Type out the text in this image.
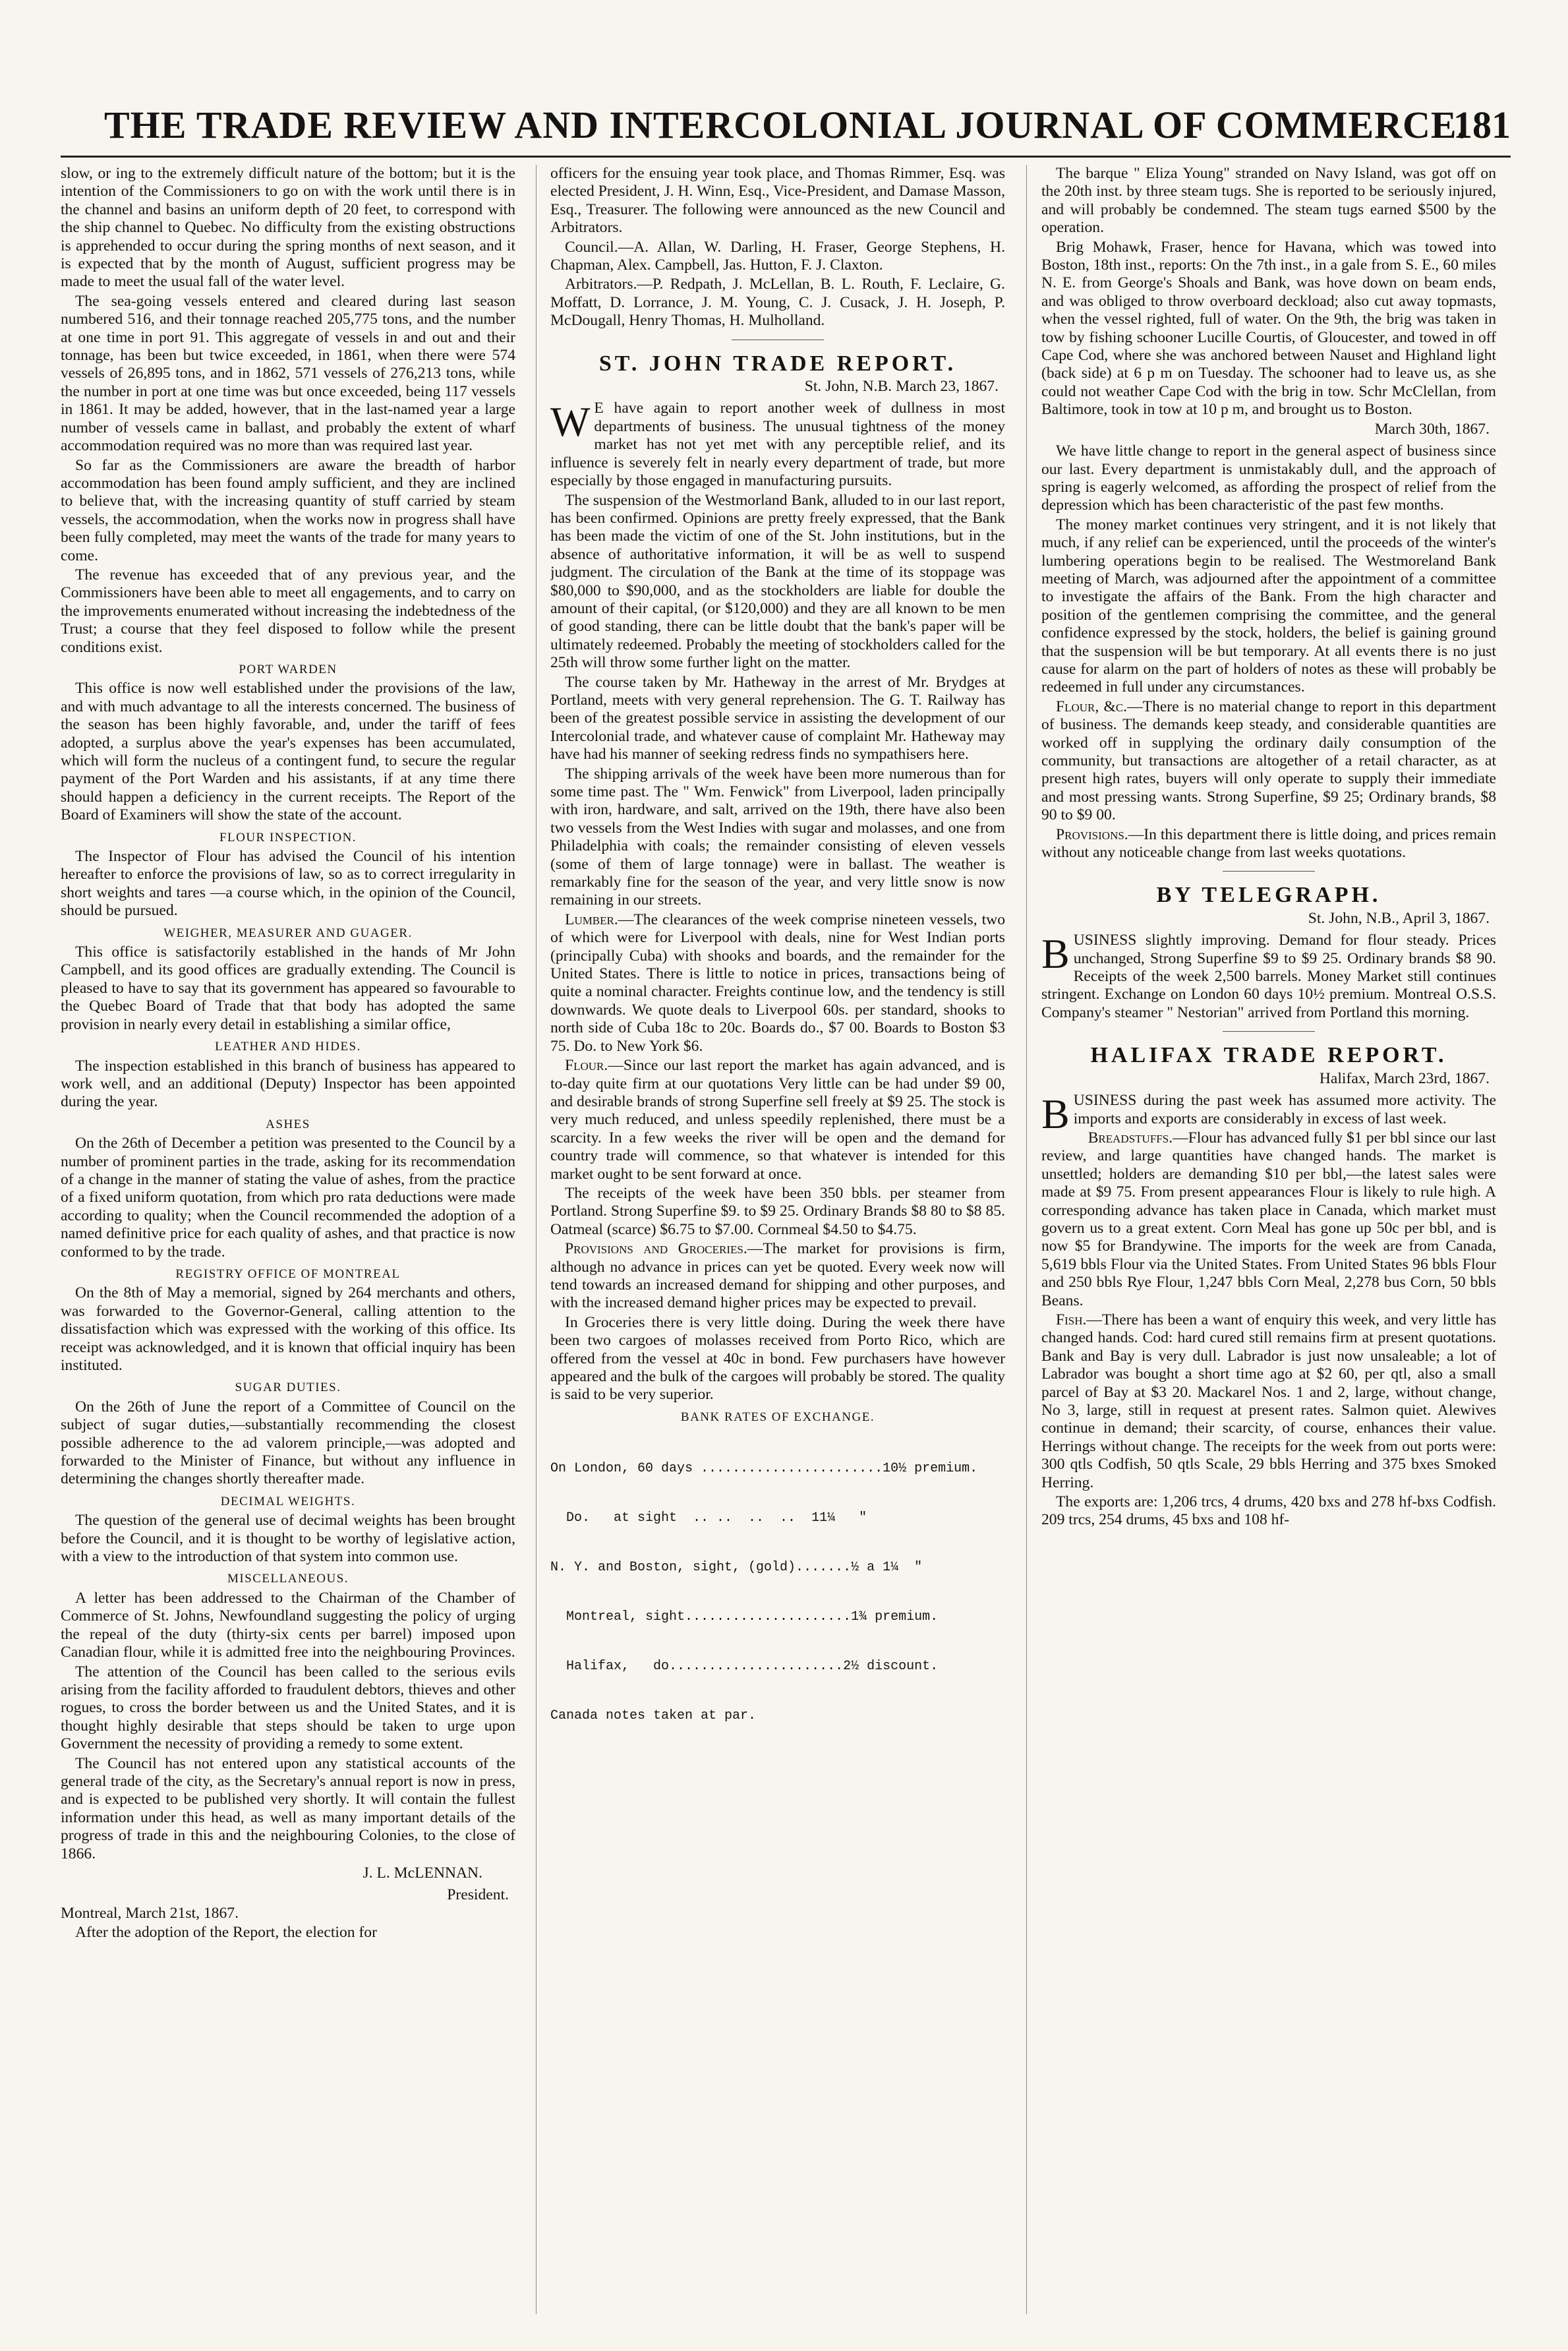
THE TRADE REVIEW AND INTERCOLONIAL JOURNAL OF COMMERCE.
181

slow, or ing to the extremely difficult nature of the bottom; but it is the intention of the Commissioners to go on with the work until there is in the channel and basins an uniform depth of 20 feet, to correspond with the ship channel to Quebec. No difficulty from the existing obstructions is apprehended to occur during the spring months of next season, and it is expected that by the month of August, sufficient progress may be made to meet the usual fall of the water level.

The sea-going vessels entered and cleared during last season numbered 516, and their tonnage reached 205,775 tons, and the number at one time in port 91. This aggregate of vessels in and out and their tonnage, has been but twice exceeded, in 1861, when there were 574 vessels of 26,895 tons, and in 1862, 571 vessels of 276,213 tons, while the number in port at one time was but once exceeded, being 117 vessels in 1861. It may be added, however, that in the last-named year a large number of vessels came in ballast, and probably the extent of wharf accommodation required was no more than was required last year.

So far as the Commissioners are aware the breadth of harbor accommodation has been found amply sufficient, and they are inclined to believe that, with the increasing quantity of stuff carried by steam vessels, the accommodation, when the works now in progress shall have been fully completed, may meet the wants of the trade for many years to come.

The revenue has exceeded that of any previous year, and the Commissioners have been able to meet all engagements, and to carry on the improvements enumerated without increasing the indebtedness of the Trust; a course that they feel disposed to follow while the present conditions exist.

PORT WARDEN

This office is now well established under the provisions of the law, and with much advantage to all the interests concerned. The business of the season has been highly favorable, and, under the tariff of fees adopted, a surplus above the year's expenses has been accumulated, which will form the nucleus of a contingent fund, to secure the regular payment of the Port Warden and his assistants, if at any time there should happen a deficiency in the current receipts. The Report of the Board of Examiners will show the state of the account.

FLOUR INSPECTION.

The Inspector of Flour has advised the Council of his intention hereafter to enforce the provisions of law, so as to correct irregularity in short weights and tares —a course which, in the opinion of the Council, should be pursued.

WEIGHER, MEASURER AND GUAGER.

This office is satisfactorily established in the hands of Mr John Campbell, and its good offices are gradually extending. The Council is pleased to have to say that its government has appeared so favourable to the Quebec Board of Trade that that body has adopted the same provision in nearly every detail in establishing a similar office,

LEATHER AND HIDES.

The inspection established in this branch of business has appeared to work well, and an additional (Deputy) Inspector has been appointed during the year.

ASHES

On the 26th of December a petition was presented to the Council by a number of prominent parties in the trade, asking for its recommendation of a change in the manner of stating the value of ashes, from the practice of a fixed uniform quotation, from which pro rata deductions were made according to quality; when the Council recommended the adoption of a named definitive price for each quality of ashes, and that practice is now conformed to by the trade.

REGISTRY OFFICE OF MONTREAL

On the 8th of May a memorial, signed by 264 merchants and others, was forwarded to the Governor-General, calling attention to the dissatisfaction which was expressed with the working of this office. Its receipt was acknowledged, and it is known that official inquiry has been instituted.

SUGAR DUTIES.

On the 26th of June the report of a Committee of Council on the subject of sugar duties,—substantially recommending the closest possible adherence to the ad valorem principle,—was adopted and forwarded to the Minister of Finance, but without any influence in determining the changes shortly thereafter made.

DECIMAL WEIGHTS.

The question of the general use of decimal weights has been brought before the Council, and it is thought to be worthy of legislative action, with a view to the introduction of that system into common use.

MISCELLANEOUS.

A letter has been addressed to the Chairman of the Chamber of Commerce of St. Johns, Newfoundland suggesting the policy of urging the repeal of the duty (thirty-six cents per barrel) imposed upon Canadian flour, while it is admitted free into the neighbouring Provinces.

The attention of the Council has been called to the serious evils arising from the facility afforded to fraudulent debtors, thieves and other rogues, to cross the border between us and the United States, and it is thought highly desirable that steps should be taken to urge upon Government the necessity of providing a remedy to some extent.

The Council has not entered upon any statistical accounts of the general trade of the city, as the Secretary's annual report is now in press, and is expected to be published very shortly. It will contain the fullest information under this head, as well as many important details of the progress of trade in this and the neighbouring Colonies, to the close of 1866.

J. L. McLENNAN.
President.

Montreal, March 21st, 1867.

After the adoption of the Report, the election for

officers for the ensuing year took place, and Thomas Rimmer, Esq. was elected President, J. H. Winn, Esq., Vice-President, and Damase Masson, Esq., Treasurer. The following were announced as the new Council and Arbitrators.

Council.—A. Allan, W. Darling, H. Fraser, George Stephens, H. Chapman, Alex. Campbell, Jas. Hutton, F. J. Claxton.

Arbitrators.—P. Redpath, J. McLellan, B. L. Routh, F. Leclaire, G. Moffatt, D. Lorrance, J. M. Young, C. J. Cusack, J. H. Joseph, P. McDougall, Henry Thomas, H. Mulholland.

ST. JOHN TRADE REPORT.

St. John, N.B. March 23, 1867.

W E have again to report another week of dullness in most departments of business. The unusual tightness of the money market has not yet met with any perceptible relief, and its influence is severely felt in nearly every department of trade, but more especially by those engaged in manufacturing pursuits.

The suspension of the Westmorland Bank, alluded to in our last report, has been confirmed. Opinions are pretty freely expressed, that the Bank has been made the victim of one of the St. John institutions, but in the absence of authoritative information, it will be as well to suspend judgment. The circulation of the Bank at the time of its stoppage was $80,000 to $90,000, and as the stockholders are liable for double the amount of their capital, (or $120,000) and they are all known to be men of good standing, there can be little doubt that the bank's paper will be ultimately redeemed. Probably the meeting of stockholders called for the 25th will throw some further light on the matter.

The course taken by Mr. Hatheway in the arrest of Mr. Brydges at Portland, meets with very general reprehension. The G. T. Railway has been of the greatest possible service in assisting the development of our Intercolonial trade, and whatever cause of complaint Mr. Hatheway may have had his manner of seeking redress finds no sympathisers here.

The shipping arrivals of the week have been more numerous than for some time past. The " Wm. Fenwick" from Liverpool, laden principally with iron, hardware, and salt, arrived on the 19th, there have also been two vessels from the West Indies with sugar and molasses, and one from Philadelphia with coals; the remainder consisting of eleven vessels (some of them of large tonnage) were in ballast. The weather is remarkably fine for the season of the year, and very little snow is now remaining in our streets.

Lumber.—The clearances of the week comprise nineteen vessels, two of which were for Liverpool with deals, nine for West Indian ports (principally Cuba) with shooks and boards, and the remainder for the United States. There is little to notice in prices, transactions being of quite a nominal character. Freights continue low, and the tendency is still downwards. We quote deals to Liverpool 60s. per standard, shooks to north side of Cuba 18c to 20c. Boards do., $7 00. Boards to Boston $3 75. Do. to New York $6.

Flour.—Since our last report the market has again advanced, and is to-day quite firm at our quotations Very little can be had under $9 00, and desirable brands of strong Superfine sell freely at $9 25. The stock is very much reduced, and unless speedily replenished, there must be a scarcity. In a few weeks the river will be open and the demand for country trade will commence, so that whatever is intended for this market ought to be sent forward at once.

The receipts of the week have been 350 bbls. per steamer from Portland. Strong Superfine $9. to $9 25. Ordinary Brands $8 80 to $8 85. Oatmeal (scarce) $6.75 to $7.00. Cornmeal $4.50 to $4.75.

Provisions and Groceries.—The market for provisions is firm, although no advance in prices can yet be quoted. Every week now will tend towards an increased demand for shipping and other purposes, and with the increased demand higher prices may be expected to prevail.

In Groceries there is very little doing. During the week there have been two cargoes of molasses received from Porto Rico, which are offered from the vessel at 40c in bond. Few purchasers have however appeared and the bulk of the cargoes will probably be stored. The quality is said to be very superior.

BANK RATES OF EXCHANGE.

On London, 60 days .......................10½ premium.

Do.   at sight  .. ..  ..  ..  11¼   "

N. Y. and Boston, sight, (gold).......½ a 1¼  "

Montreal, sight.....................1¾ premium.

Halifax,   do......................2½ discount.

Canada notes taken at par.

The barque " Eliza Young" stranded on Navy Island, was got off on the 20th inst. by three steam tugs. She is reported to be seriously injured, and will probably be condemned. The steam tugs earned $500 by the operation.

Brig Mohawk, Fraser, hence for Havana, which was towed into Boston, 18th inst., reports: On the 7th inst., in a gale from S. E., 60 miles N. E. from George's Shoals and Bank, was hove down on beam ends, and was obliged to throw overboard deckload; also cut away topmasts, when the vessel righted, full of water. On the 9th, the brig was taken in tow by fishing schooner Lucille Courtis, of Gloucester, and towed in off Cape Cod, where she was anchored between Nauset and Highland light (back side) at 6 p m on Tuesday. The schooner had to leave us, as she could not weather Cape Cod with the brig in tow. Schr McClellan, from Baltimore, took in tow at 10 p m, and brought us to Boston.

March 30th, 1867.

We have little change to report in the general aspect of business since our last. Every department is unmistakably dull, and the approach of spring is eagerly welcomed, as affording the prospect of relief from the depression which has been characteristic of the past few months.

The money market continues very stringent, and it is not likely that much, if any relief can be experienced, until the proceeds of the winter's lumbering operations begin to be realised. The Westmoreland Bank meeting of March, was adjourned after the appointment of a committee to investigate the affairs of the Bank. From the high character and position of the gentlemen comprising the committee, and the general confidence expressed by the stock, holders, the belief is gaining ground that the suspension will be but temporary. At all events there is no just cause for alarm on the part of holders of notes as these will probably be redeemed in full under any circumstances.

Flour, &c.—There is no material change to report in this department of business. The demands keep steady, and considerable quantities are worked off in supplying the ordinary daily consumption of the community, but transactions are altogether of a retail character, as at present high rates, buyers will only operate to supply their immediate and most pressing wants. Strong Superfine, $9 25; Ordinary brands, $8 90 to $9 00.

Provisions.—In this department there is little doing, and prices remain without any noticeable change from last weeks quotations.

BY TELEGRAPH.

St. John, N.B., April 3, 1867.

BUSINESS slightly improving. Demand for flour steady. Prices unchanged, Strong Superfine $9 to $9 25. Ordinary brands $8 90. Receipts of the week 2,500 barrels. Money Market still continues stringent. Exchange on London 60 days 10½ premium. Montreal O.S.S. Company's steamer " Nestorian" arrived from Portland this morning.

HALIFAX TRADE REPORT.

Halifax, March 23rd, 1867.

BUSINESS during the past week has assumed more activity. The imports and exports are considerably in excess of last week.

Breadstuffs.—Flour has advanced fully $1 per bbl since our last review, and large quantities have changed hands. The market is unsettled; holders are demanding $10 per bbl,—the latest sales were made at $9 75. From present appearances Flour is likely to rule high. A corresponding advance has taken place in Canada, which market must govern us to a great extent. Corn Meal has gone up 50c per bbl, and is now $5 for Brandywine. The imports for the week are from Canada, 5,619 bbls Flour via the United States. From United States 96 bbls Flour and 250 bbls Rye Flour, 1,247 bbls Corn Meal, 2,278 bus Corn, 50 bbls Beans.

Fish.—There has been a want of enquiry this week, and very little has changed hands. Cod: hard cured still remains firm at present quotations. Bank and Bay is very dull. Labrador is just now unsaleable; a lot of Labrador was bought a short time ago at $2 60, per qtl, also a small parcel of Bay at $3 20. Mackarel Nos. 1 and 2, large, without change, No 3, large, still in request at present rates. Salmon quiet. Alewives continue in demand; their scarcity, of course, enhances their value. Herrings without change. The receipts for the week from out ports were: 300 qtls Codfish, 50 qtls Scale, 29 bbls Herring and 375 bxes Smoked Herring.

The exports are: 1,206 trcs, 4 drums, 420 bxs and 278 hf-bxs Codfish. 209 trcs, 254 drums, 45 bxs and 108 hf-
